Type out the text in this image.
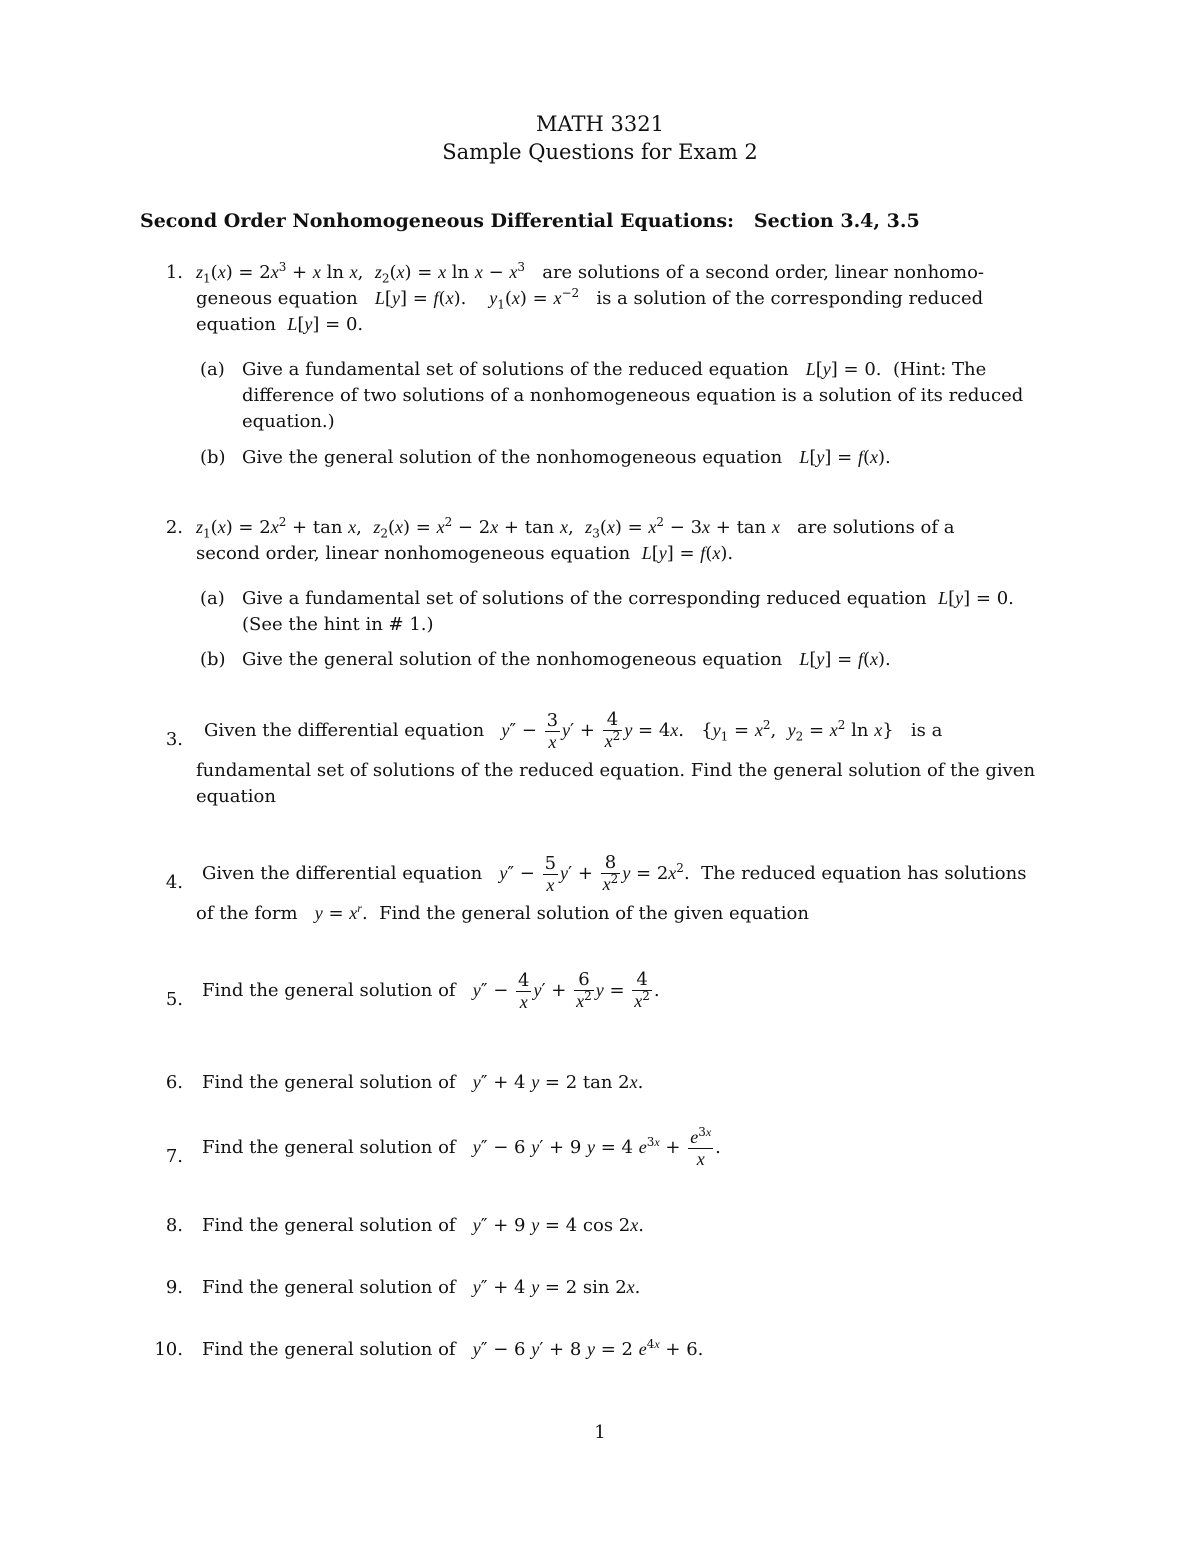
MATH 3321
Sample Questions for Exam 2
Second Order Nonhomogeneous Differential Equations:   Section 3.4, 3.5
1. $z_1(x) = 2x^3 + x$ ln x,  $z_2(x) = x$ $\ln x - x^3$ are solutions of a second order, linear nonhomo-
geneous equation L[y] = f(x).    $y_1(x) = x^{-2}$ is a solution of the corresponding reduced
equation L[y] = 0.
(a) Give a fundamental set of solutions of the reduced equation L[y] = 0.  (Hint: The
difference of two solutions of a nonhomogeneous equation is a solution of its reduced
equation.)
(b) Give the general solution of the nonhomogeneous equation L[y] = f(x).
2. $z_1(x) = 2x^2 + \tan x$,  $z_2(x) = x^2 - 2x + \tan x$,  $z_3(x) = x^2 - 3x + \tan x$ are solutions of a
second order, linear nonhomogeneous equation L[y] = f(x).
(a) Give a fundamental set of solutions of the corresponding reduced equation L[y] = 0.
(See the hint in # 1.)
(b) Give the general solution of the nonhomogeneous equation L[y] = f(x).
3. Given the differential equation $y'' - \frac{3}{x} y' + \frac{4}{x^2}$ y = 4x.   {$y_1 = x^2$,  $y_2 = x^2$ ln x}   is a
fundamental set of solutions of the reduced equation. Find the general solution of the given
equation
4. Given the differential equation $y'' - \frac{5}{x} y' + \frac{8}{x^2}$ $y = 2x^2$.  The reduced equation has solutions
of the form $y = x^r$.  Find the general solution of the given equation
5. Find the general solution of $y'' - \frac{4}{x} y' + \frac{6}{x^2}$ $y = \frac{4}{x^2}$ .
6. Find the general solution of y″ + 4 y = 2 tan 2x.
7. Find the general solution of y″ − 6 y′ + 9 y = 4 $e^{3x} + \frac{e^{3x}}{x}$ .
8. Find the general solution of y″ + 9 y = 4 cos 2x.
9. Find the general solution of y″ + 4 y = 2 sin 2x.
10. Find the general solution of y″ − 6 y′ + 8 y = 2 $e^{4x} + 6$.
1
